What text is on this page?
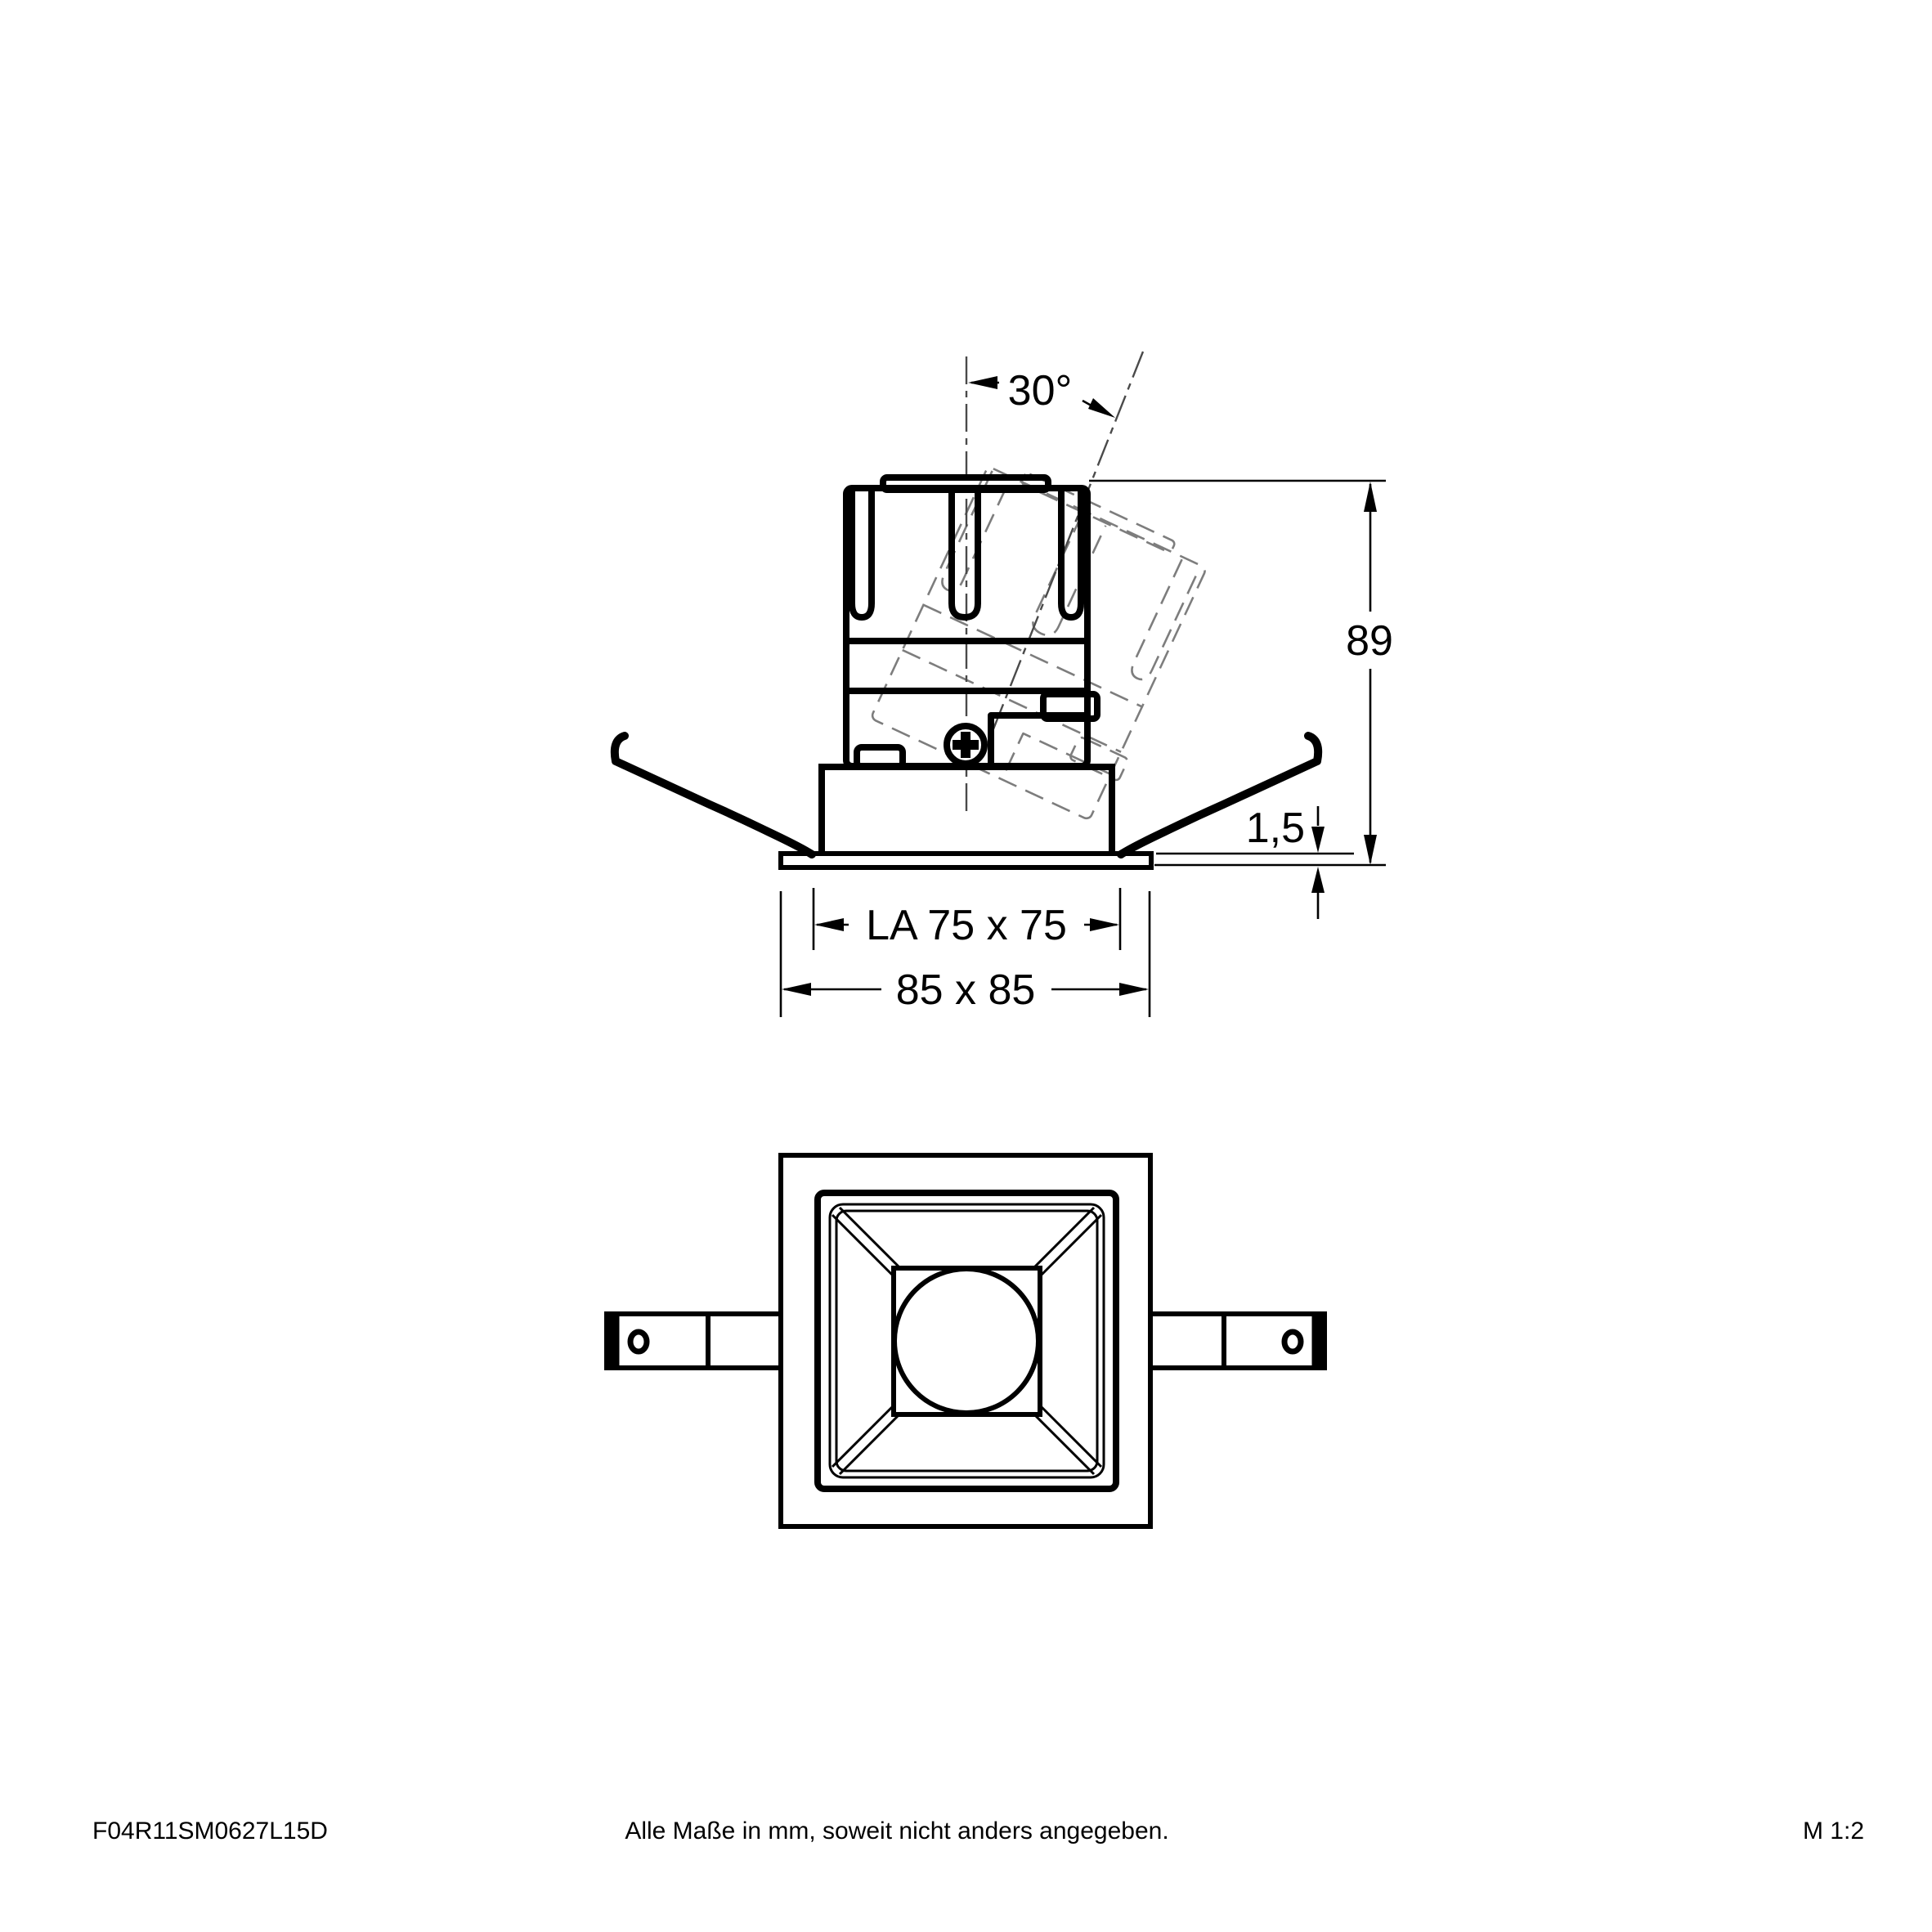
30°
89
1,5
LA 75 x 75
85 x 85
F04R11SM0627L15D	Alle Maße in mm, soweit nicht anders angegeben.	M 1:2
